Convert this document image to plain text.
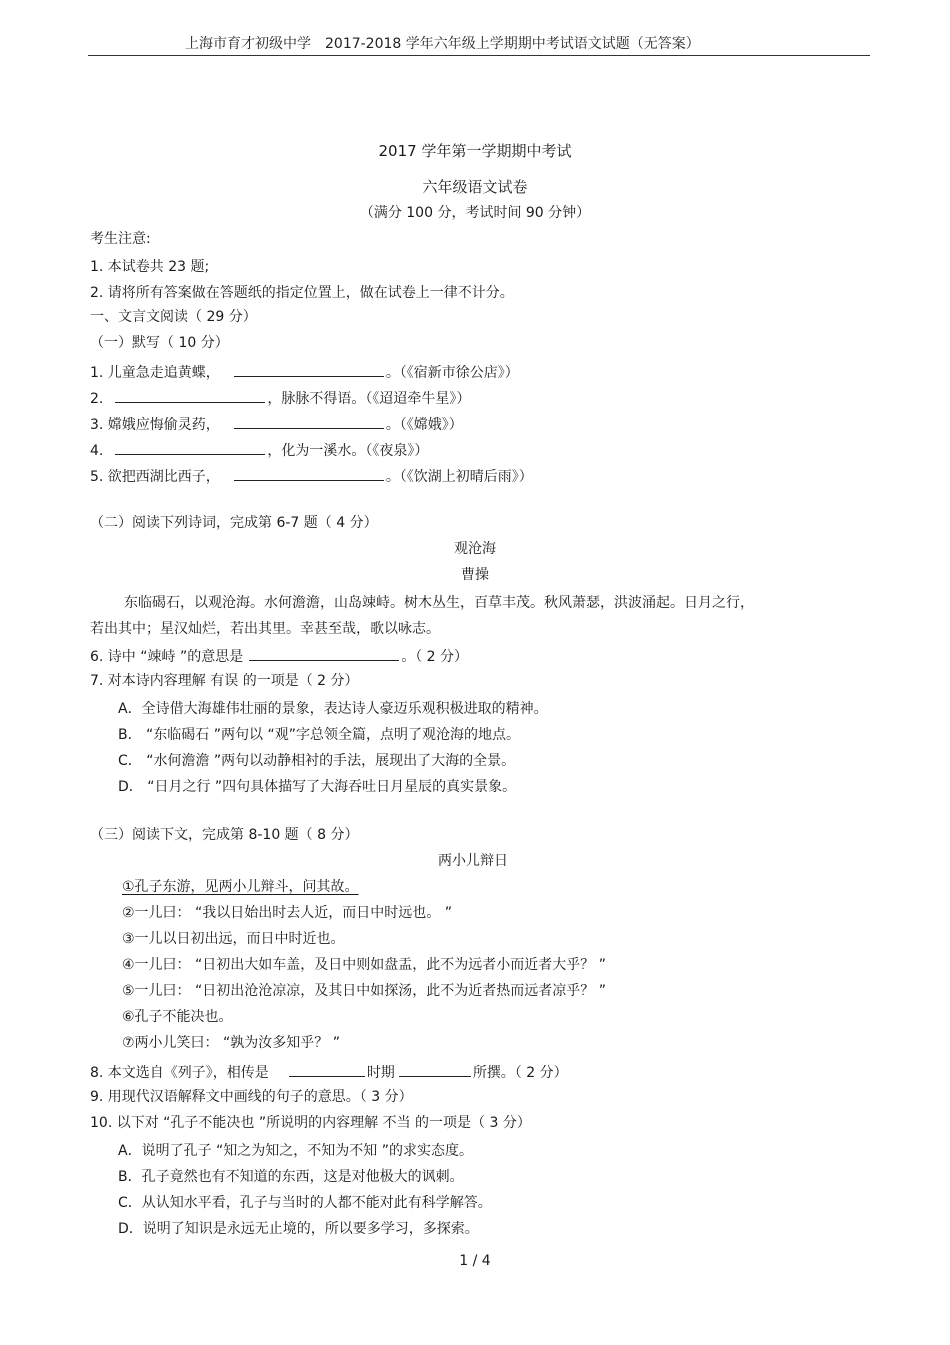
上海市育才初级中学　2017-2018 学年六年级上学期期中考试语文试题（无答案）
2017 学年第一学期期中考试
六年级语文试卷
（满分 100 分，考试时间 90 分钟）
考生注意:
1. 本试卷共 23 题;
2. 请将所有答案做在答题纸的指定位置上，做在试卷上一律不计分。
一、文言文阅读（ 29 分）
（一）默写（ 10 分）
1. 儿童急走追黄蝶，	。（《宿新市徐公店》）
2.	，脉脉不得语。（《迢迢牵牛星》）
3. 嫦娥应悔偷灵药，	。（《嫦娥》）
4.	，化为一溪水。（《夜泉》）
5. 欲把西湖比西子，	。（《饮湖上初晴后雨》）
（二）阅读下列诗词，完成第 6-7 题（ 4 分）
观沧海
曹操
东临碣石，以观沧海。水何澹澹，山岛竦峙。树木丛生，百草丰茂。秋风萧瑟，洪波涌起。日月之行，
若出其中；星汉灿烂，若出其里。幸甚至哉，歌以咏志。
6. 诗中 “竦峙 ”的意思是	。（ 2 分）
7. 对本诗内容理解 有误 的一项是（ 2 分）
A．全诗借大海雄伟壮丽的景象，表达诗人豪迈乐观积极进取的精神。
B． “东临碣石 ”两句以 “观”字总领全篇，点明了观沧海的地点。
C． “水何澹澹 ”两句以动静相衬的手法，展现出了大海的全景。
D． “日月之行 ”四句具体描写了大海吞吐日月星辰的真实景象。
（三）阅读下文，完成第 8-10 题（ 8 分）
两小儿辩日
①孔子东游，见两小儿辩斗，问其故。
②一儿曰： “我以日始出时去人近，而日中时远也。 ”
③一儿以日初出远，而日中时近也。
④一儿曰： “日初出大如车盖，及日中则如盘盂，此不为远者小而近者大乎？ ”
⑤一儿曰： “日初出沧沧凉凉，及其日中如探汤，此不为近者热而远者凉乎？ ”
⑥孔子不能决也。
⑦两小儿笑曰： “孰为汝多知乎？ ”
8. 本文选自《列子》，相传是	时期	所撰。（ 2 分）
9. 用现代汉语解释文中画线的句子的意思。（ 3 分）
10. 以下对 “孔子不能决也 ”所说明的内容理解 不当 的一项是（ 3 分）
A．说明了孔子 “知之为知之，不知为不知 ”的求实态度。
B．孔子竟然也有不知道的东西，这是对他极大的讽刺。
C．从认知水平看，孔子与当时的人都不能对此有科学解答。
D．说明了知识是永远无止境的，所以要多学习，多探索。
1 / 4
